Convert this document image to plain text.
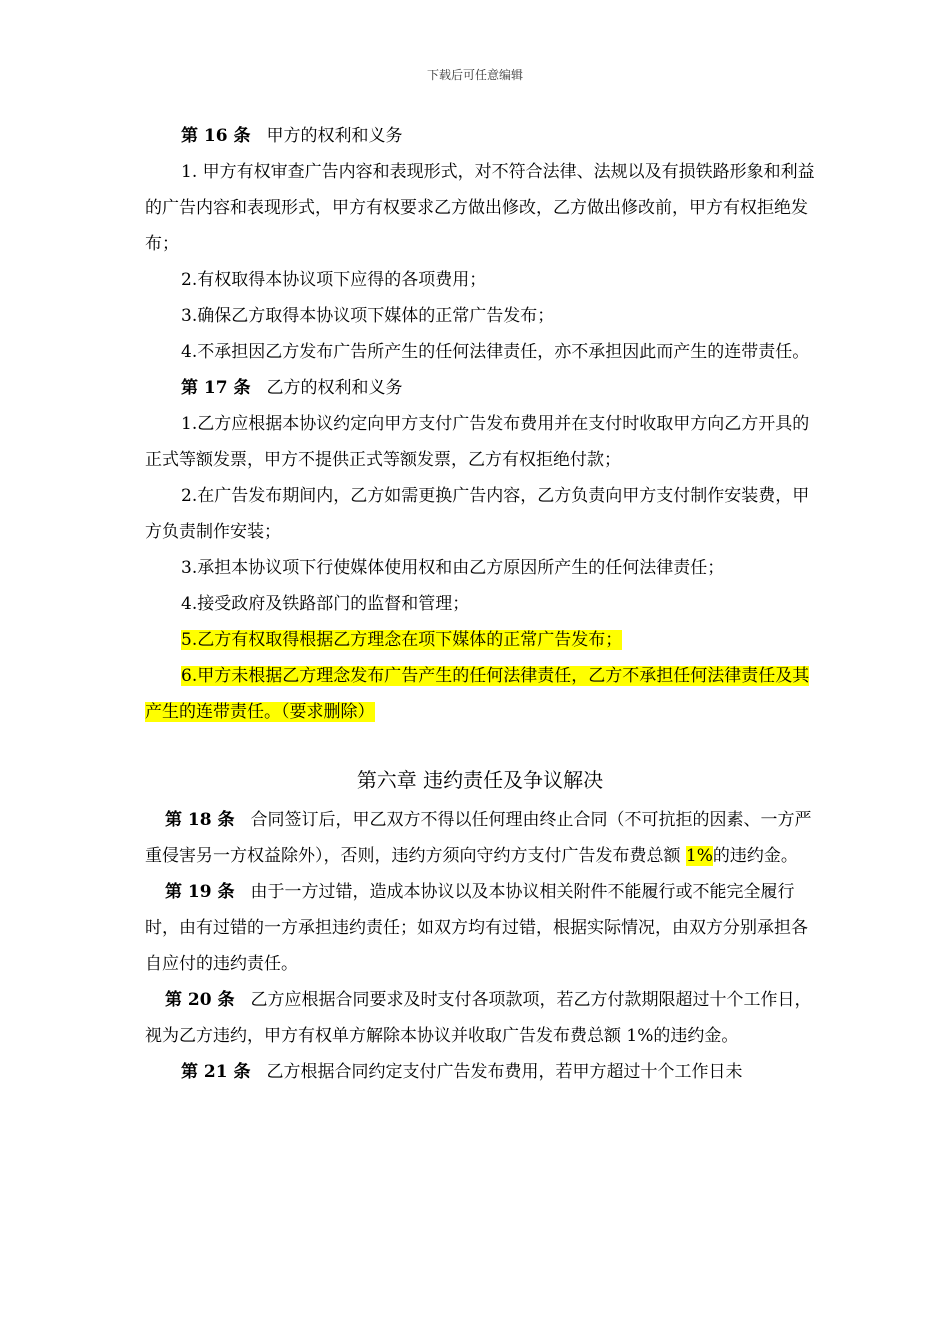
下载后可任意编辑

第 16 条 甲方的权利和义务

1. 甲方有权审查广告内容和表现形式，对不符合法律、法规以及有损铁路形象和利益的广告内容和表现形式，甲方有权要求乙方做出修改，乙方做出修改前，甲方有权拒绝发布；

2.有权取得本协议项下应得的各项费用；

3.确保乙方取得本协议项下媒体的正常广告发布；

4.不承担因乙方发布广告所产生的任何法律责任，亦不承担因此而产生的连带责任。

第 17 条 乙方的权利和义务

1.乙方应根据本协议约定向甲方支付广告发布费用并在支付时收取甲方向乙方开具的正式等额发票，甲方不提供正式等额发票，乙方有权拒绝付款；

2.在广告发布期间内，乙方如需更换广告内容，乙方负责向甲方支付制作安装费，甲方负责制作安装；

3.承担本协议项下行使媒体使用权和由乙方原因所产生的任何法律责任；

4.接受政府及铁路部门的监督和管理；

5.乙方有权取得根据乙方理念在项下媒体的正常广告发布；

6.甲方未根据乙方理念发布广告产生的任何法律责任，乙方不承担任何法律责任及其产生的连带责任。（要求删除）

第六章 违约责任及争议解决

第 18 条 合同签订后，甲乙双方不得以任何理由终止合同（不可抗拒的因素、一方严重侵害另一方权益除外），否则，违约方须向守约方支付广告发布费总额 1%的违约金。

第 19 条 由于一方过错，造成本协议以及本协议相关附件不能履行或不能完全履行时，由有过错的一方承担违约责任；如双方均有过错，根据实际情况，由双方分别承担各自应付的违约责任。

第 20 条 乙方应根据合同要求及时支付各项款项，若乙方付款期限超过十个工作日，视为乙方违约，甲方有权单方解除本协议并收取广告发布费总额 1%的违约金。

第 21 条 乙方根据合同约定支付广告发布费用，若甲方超过十个工作日未
